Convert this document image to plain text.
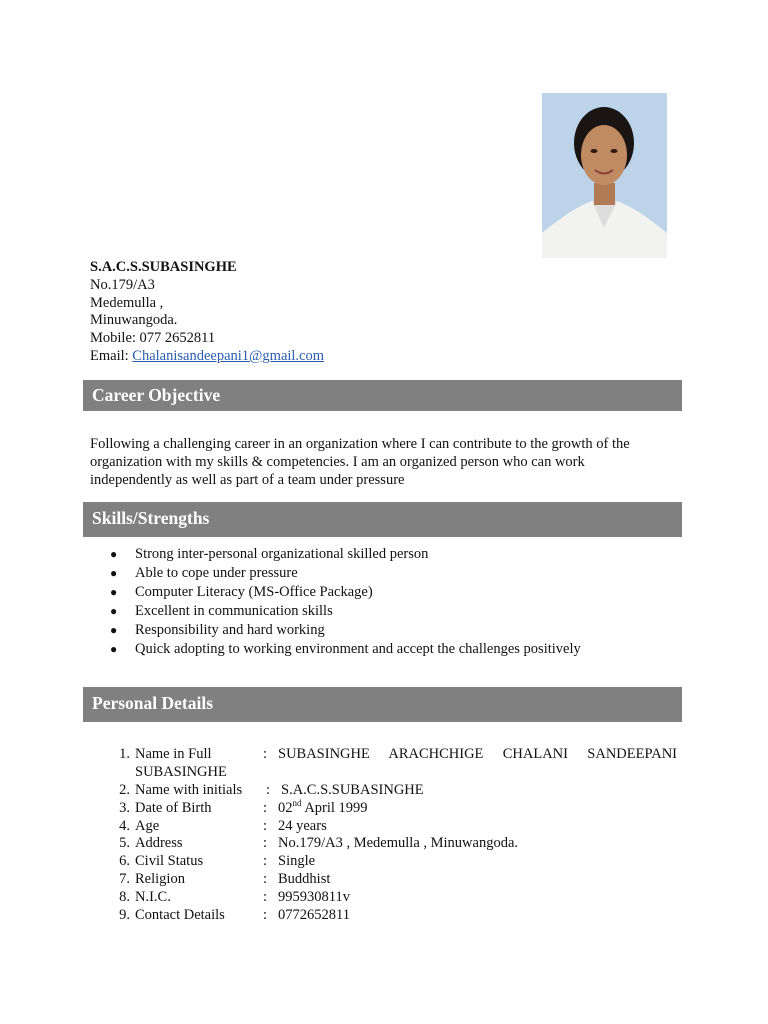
S.A.C.S.SUBASINGHE
No.179/A3
Medemulla ,
Minuwangoda.
Mobile: 077 2652811
Email: Chalanisandeepani1@gmail.com
Career Objective
Following a challenging career in an organization where I can contribute to the growth of the
organization with my skills & competencies. I am an organized person who can work
independently as well as part of a team under pressure
Skills/Strengths
● Strong inter-personal organizational skilled person
● Able to cope under pressure
● Computer Literacy (MS-Office Package)
● Excellent in communication skills
● Responsibility and hard working
● Quick adopting to working environment and accept the challenges positively
Personal Details
1. Name in Full	: SUBASINGHE ARACHCHIGE CHALANI SANDEEPANI
SUBASINGHE
2. Name with initials : S.A.C.S.SUBASINGHE
3. Date of Birth	: 02nd April 1999
4. Age	: 24 years
5. Address	: No.179/A3 , Medemulla , Minuwangoda.
6. Civil Status	: Single
7. Religion	: Buddhist
8. N.I.C.	: 995930811v
9. Contact Details	: 0772652811
